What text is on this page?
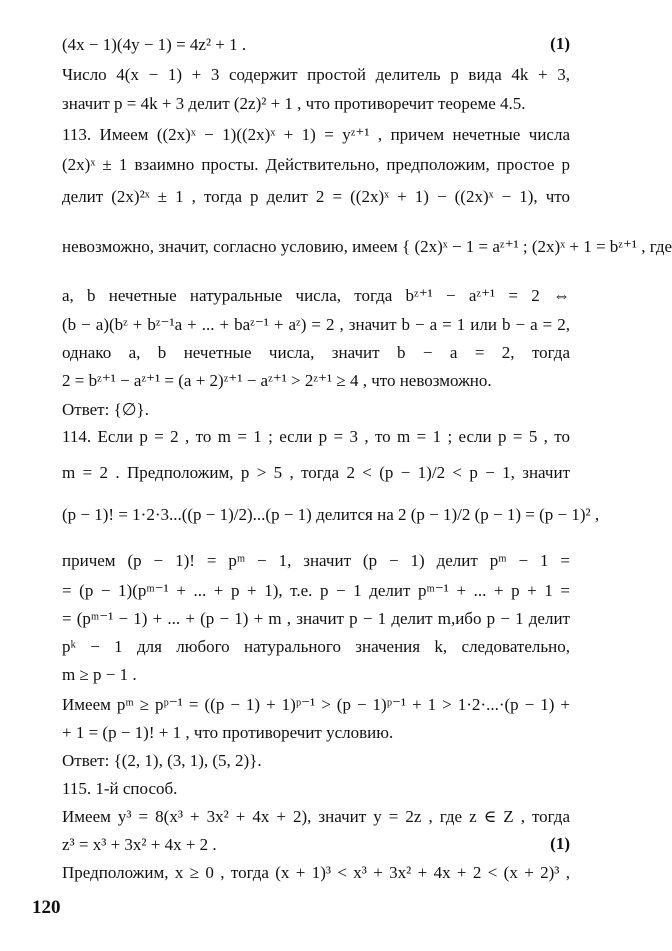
(4x − 1)(4y − 1) = 4z² + 1 .	(1)
Число 4(x − 1) + 3 содержит простой делитель p вида 4k + 3,
значит p = 4k + 3 делит (2z)² + 1 , что противоречит теореме 4.5.
113. Имеем ((2x)ˣ − 1)((2x)ˣ + 1) = yᶻ⁺¹ , причем нечетные числа
(2x)ˣ ± 1 взаимно просты. Действительно, предположим, простое p
делит (2x)²ˣ ± 1 , тогда p делит 2 = ((2x)ˣ + 1) − ((2x)ˣ − 1), что
невозможно, значит, согласно условию, имеем { (2x)ˣ − 1 = aᶻ⁺¹ ; (2x)ˣ + 1 = bᶻ⁺¹ , где
a, b нечетные натуральные числа, тогда bᶻ⁺¹ − aᶻ⁺¹ = 2 ⇔
(b − a)(bᶻ + bᶻ⁻¹a + ... + baᶻ⁻¹ + aᶻ) = 2 , значит b − a = 1 или b − a = 2,
однако a, b нечетные числа, значит b − a = 2, тогда
2 = bᶻ⁺¹ − aᶻ⁺¹ = (a + 2)ᶻ⁺¹ − aᶻ⁺¹ > 2ᶻ⁺¹ ≥ 4 , что невозможно.
Ответ: {∅}.
114. Если p = 2 , то m = 1 ; если p = 3 , то m = 1 ; если p = 5 , то
m = 2 . Предположим, p > 5 , тогда 2 < (p − 1)/2 < p − 1, значит
(p − 1)! = 1·2·3...((p − 1)/2)...(p − 1) делится на 2 (p − 1)/2 (p − 1) = (p − 1)² ,
причем (p − 1)! = pᵐ − 1, значит (p − 1) делит pᵐ − 1 =
= (p − 1)(pᵐ⁻¹ + ... + p + 1), т.е. p − 1 делит pᵐ⁻¹ + ... + p + 1 =
= (pᵐ⁻¹ − 1) + ... + (p − 1) + m , значит p − 1 делит m,ибо p − 1 делит
pᵏ − 1 для любого натурального значения k, следовательно,
m ≥ p − 1 .
Имеем pᵐ ≥ pᵖ⁻¹ = ((p − 1) + 1)ᵖ⁻¹ > (p − 1)ᵖ⁻¹ + 1 > 1·2·...·(p − 1) +
+ 1 = (p − 1)! + 1 , что противоречит условию.
Ответ: {(2, 1), (3, 1), (5, 2)}.
115. 1-й способ.
Имеем y³ = 8(x³ + 3x² + 4x + 2), значит y = 2z , где z ∈ Z , тогда
z³ = x³ + 3x² + 4x + 2 .	(1)
Предположим, x ≥ 0 , тогда (x + 1)³ < x³ + 3x² + 4x + 2 < (x + 2)³ ,
120
